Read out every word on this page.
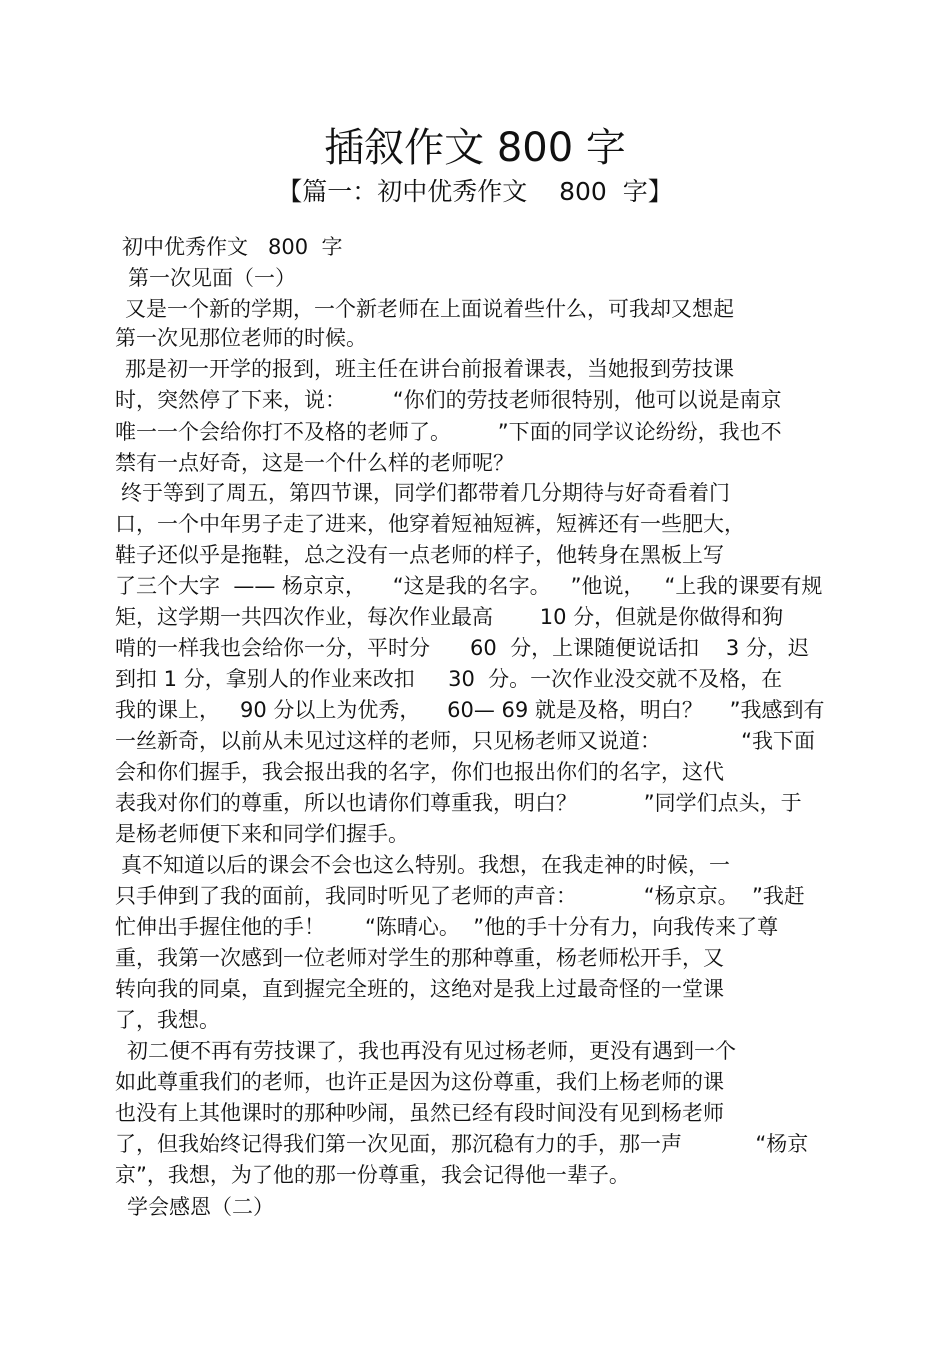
插叙作文 800 字
【篇一：初中优秀作文    800  字】
初中优秀作文   800  字
第一次见面（一）
又是一个新的学期，一个新老师在上面说着些什么，可我却又想起
第一次见那位老师的时候。
那是初一开学的报到，班主任在讲台前报着课表，当她报到劳技课
时，突然停了下来，说：       “你们的劳技老师很特别，他可以说是南京
唯一一个会给你打不及格的老师了。       ”下面的同学议论纷纷，我也不
禁有一点好奇，这是一个什么样的老师呢？
终于等到了周五，第四节课，同学们都带着几分期待与好奇看着门
口，一个中年男子走了进来，他穿着短袖短裤，短裤还有一些肥大，
鞋子还似乎是拖鞋，总之没有一点老师的样子，他转身在黑板上写
了三个大字  —— 杨京京，    “这是我的名字。   ”他说，   “上我的课要有规
矩，这学期一共四次作业，每次作业最高       10 分，但就是你做得和狗
啃的一样我也会给你一分，平时分      60  分，上课随便说话扣    3 分，迟
到扣 1 分，拿别人的作业来改扣     30  分。一次作业没交就不及格，在
我的课上，   90 分以上为优秀，    60— 69 就是及格，明白？    ”我感到有
一丝新奇，以前从未见过这样的老师，只见杨老师又说道：            “我下面
会和你们握手，我会报出我的名字，你们也报出你们的名字，这代
表我对你们的尊重，所以也请你们尊重我，明白？          ”同学们点头，于
是杨老师便下来和同学们握手。
真不知道以后的课会不会也这么特别。我想，在我走神的时候，一
只手伸到了我的面前，我同时听见了老师的声音：          “杨京京。  ”我赶
忙伸出手握住他的手！      “陈晴心。  ”他的手十分有力，向我传来了尊
重，我第一次感到一位老师对学生的那种尊重，杨老师松开手，又
转向我的同桌，直到握完全班的，这绝对是我上过最奇怪的一堂课
了，我想。
初二便不再有劳技课了，我也再没有见过杨老师，更没有遇到一个
如此尊重我们的老师，也许正是因为这份尊重，我们上杨老师的课
也没有上其他课时的那种吵闹，虽然已经有段时间没有见到杨老师
了，但我始终记得我们第一次见面，那沉稳有力的手，那一声           “杨京
京”，我想，为了他的那一份尊重，我会记得他一辈子。
学会感恩（二）
